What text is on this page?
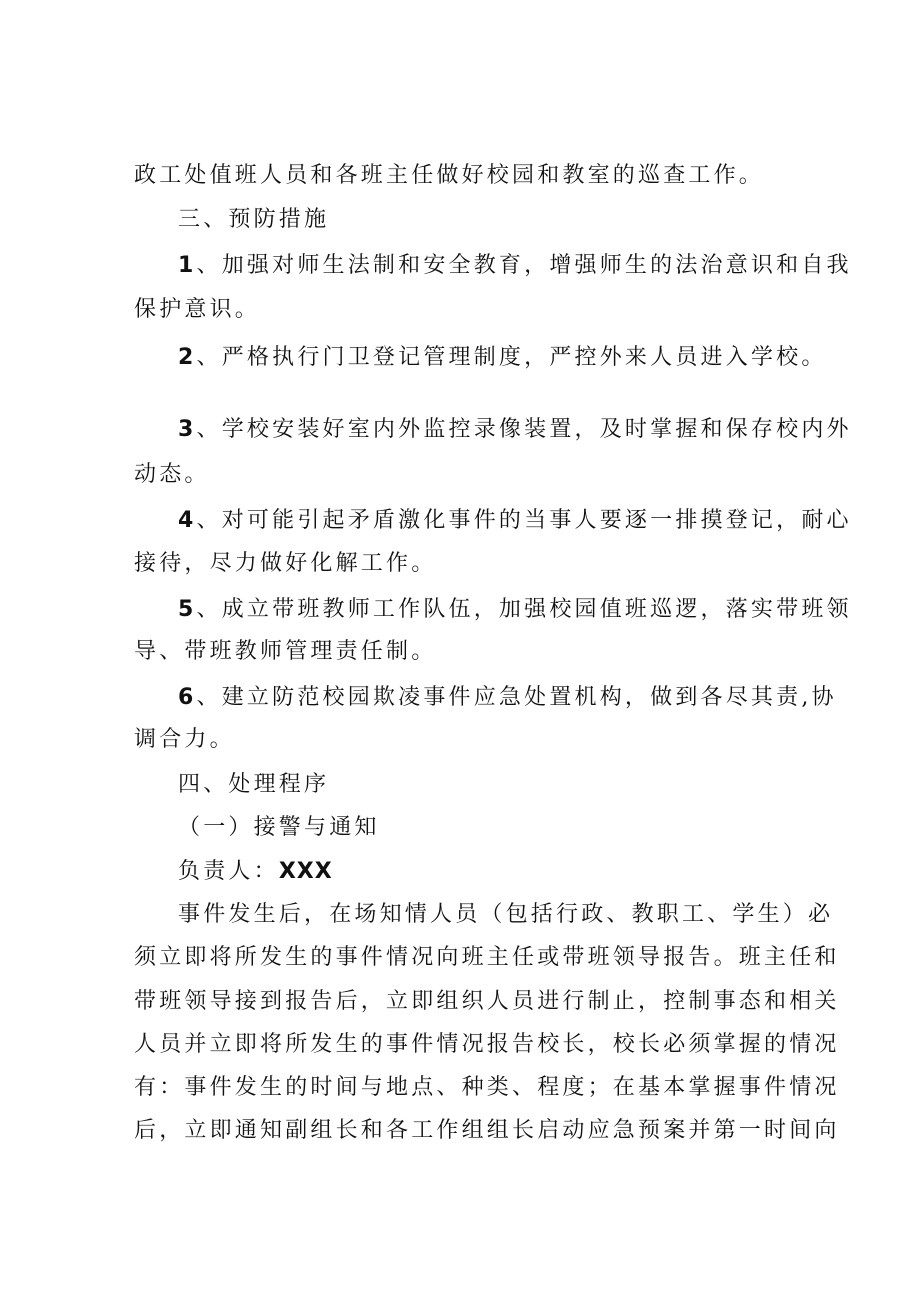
政工处值班人员和各班主任做好校园和教室的巡查工作。
三、预防措施
1、加强对师生法制和安全教育，增强师生的法治意识和自我
保护意识。
2、严格执行门卫登记管理制度，严控外来人员进入学校。
3、学校安装好室内外监控录像装置，及时掌握和保存校内外
动态。
4、对可能引起矛盾激化事件的当事人要逐一排摸登记，耐心
接待，尽力做好化解工作。
5、成立带班教师工作队伍，加强校园值班巡逻，落实带班领
导、带班教师管理责任制。
6、建立防范校园欺凌事件应急处置机构，做到各尽其责,协
调合力。
四、处理程序
（一）接警与通知
负责人：XXX
事件发生后，在场知情人员（包括行政、教职工、学生）必
须立即将所发生的事件情况向班主任或带班领导报告。班主任和
带班领导接到报告后，立即组织人员进行制止，控制事态和相关
人员并立即将所发生的事件情况报告校长，校长必须掌握的情况
有：事件发生的时间与地点、种类、程度；在基本掌握事件情况
后，立即通知副组长和各工作组组长启动应急预案并第一时间向
